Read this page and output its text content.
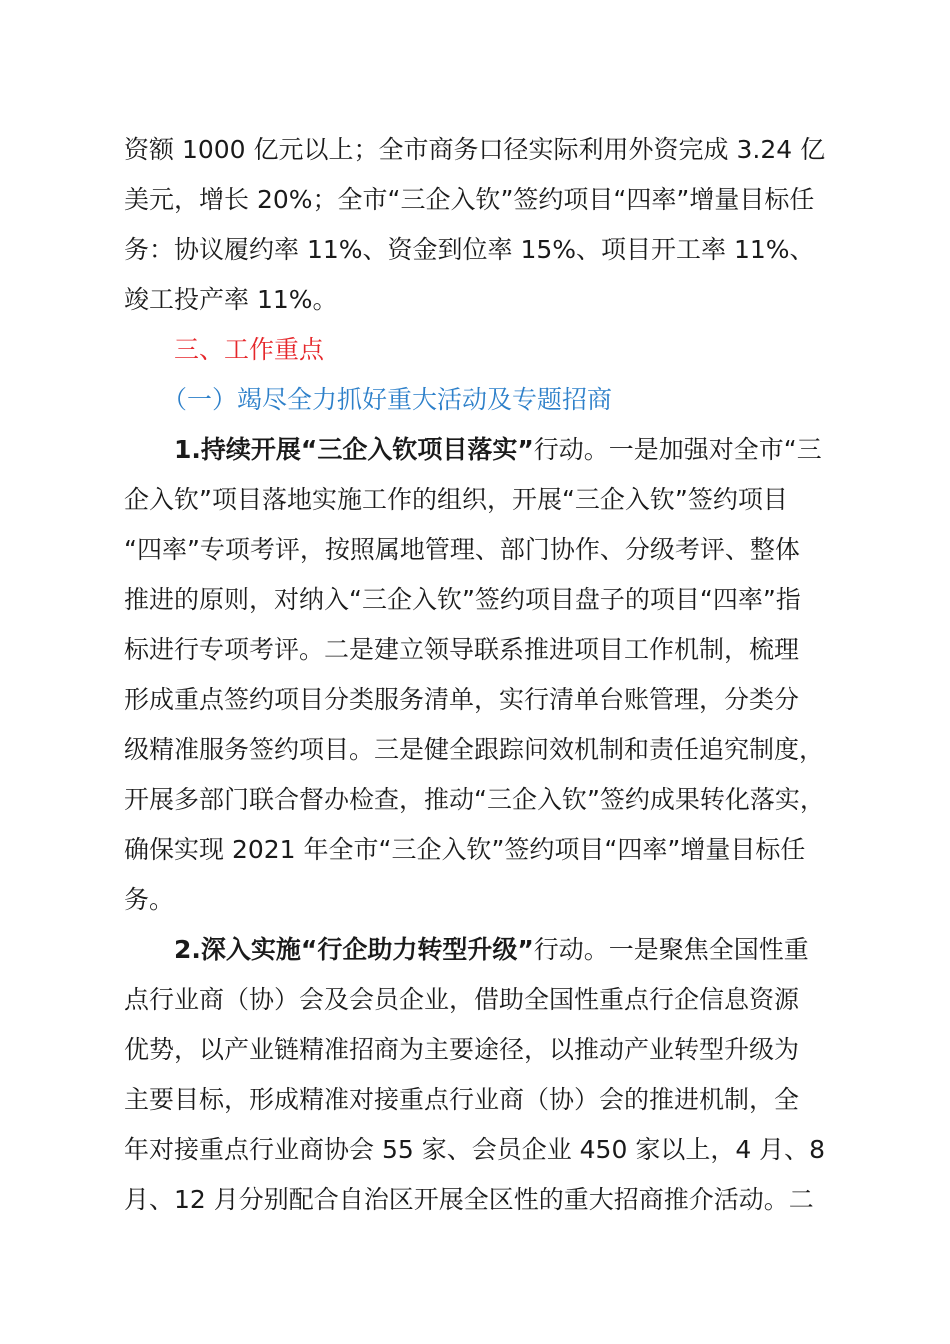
资额 1000 亿元以上；全市商务口径实际利用外资完成 3.24 亿
美元，增长 20%；全市“三企入钦”签约项目“四率”增量目标任
务：协议履约率 11%、资金到位率 15%、项目开工率 11%、
竣工投产率 11%。
三、工作重点
（一）竭尽全力抓好重大活动及专题招商
1.持续开展“三企入钦项目落实”行动。一是加强对全市“三
企入钦”项目落地实施工作的组织，开展“三企入钦”签约项目
“四率”专项考评，按照属地管理、部门协作、分级考评、整体
推进的原则，对纳入“三企入钦”签约项目盘子的项目“四率”指
标进行专项考评。二是建立领导联系推进项目工作机制，梳理
形成重点签约项目分类服务清单，实行清单台账管理，分类分
级精准服务签约项目。三是健全跟踪问效机制和责任追究制度，
开展多部门联合督办检查，推动“三企入钦”签约成果转化落实，
确保实现 2021 年全市“三企入钦”签约项目“四率”增量目标任
务。
2.深入实施“行企助力转型升级”行动。一是聚焦全国性重
点行业商（协）会及会员企业，借助全国性重点行企信息资源
优势，以产业链精准招商为主要途径，以推动产业转型升级为
主要目标，形成精准对接重点行业商（协）会的推进机制，全
年对接重点行业商协会 55 家、会员企业 450 家以上，4 月、8
月、12 月分别配合自治区开展全区性的重大招商推介活动。二
